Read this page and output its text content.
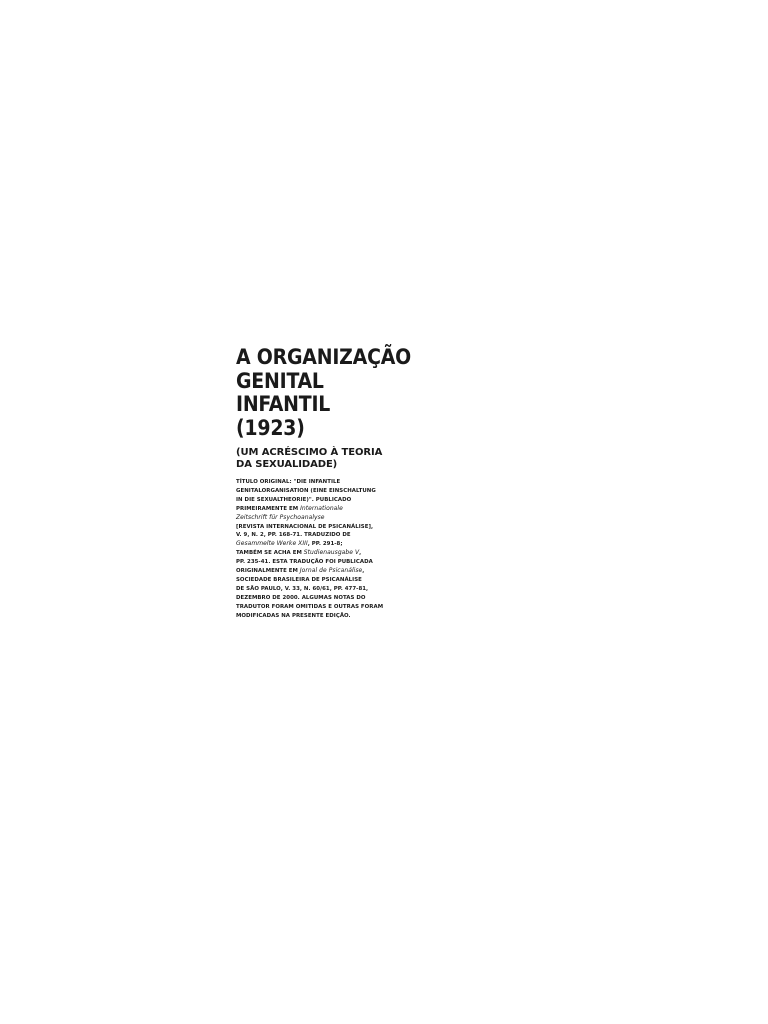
A ORGANIZAÇÃO
GENITAL
INFANTIL
(1923)
(UM ACRÉSCIMO À TEORIA
DA SEXUALIDADE)
TÍTULO ORIGINAL: "DIE INFANTILE
GENITALORGANISATION (EINE EINSCHALTUNG
IN DIE SEXUALTHEORIE)". PUBLICADO
PRIMEIRAMENTE EM Internationale
Zeitschrift für Psychoanalyse
[REVISTA INTERNACIONAL DE PSICANÁLISE],
V. 9, N. 2, PP. 168-71. TRADUZIDO DE
Gesammelte Werke XIII, PP. 291-8;
TAMBÉM SE ACHA EM Studienausgabe V,
PP. 235-41. ESTA TRADUÇÃO FOI PUBLICADA
ORIGINALMENTE EM Jornal de Psicanálise,
SOCIEDADE BRASILEIRA DE PSICANÁLISE
DE SÃO PAULO, V. 33, N. 60/61, PP. 477-81,
DEZEMBRO DE 2000. ALGUMAS NOTAS DO
TRADUTOR FORAM OMITIDAS E OUTRAS FORAM
MODIFICADAS NA PRESENTE EDIÇÃO.
